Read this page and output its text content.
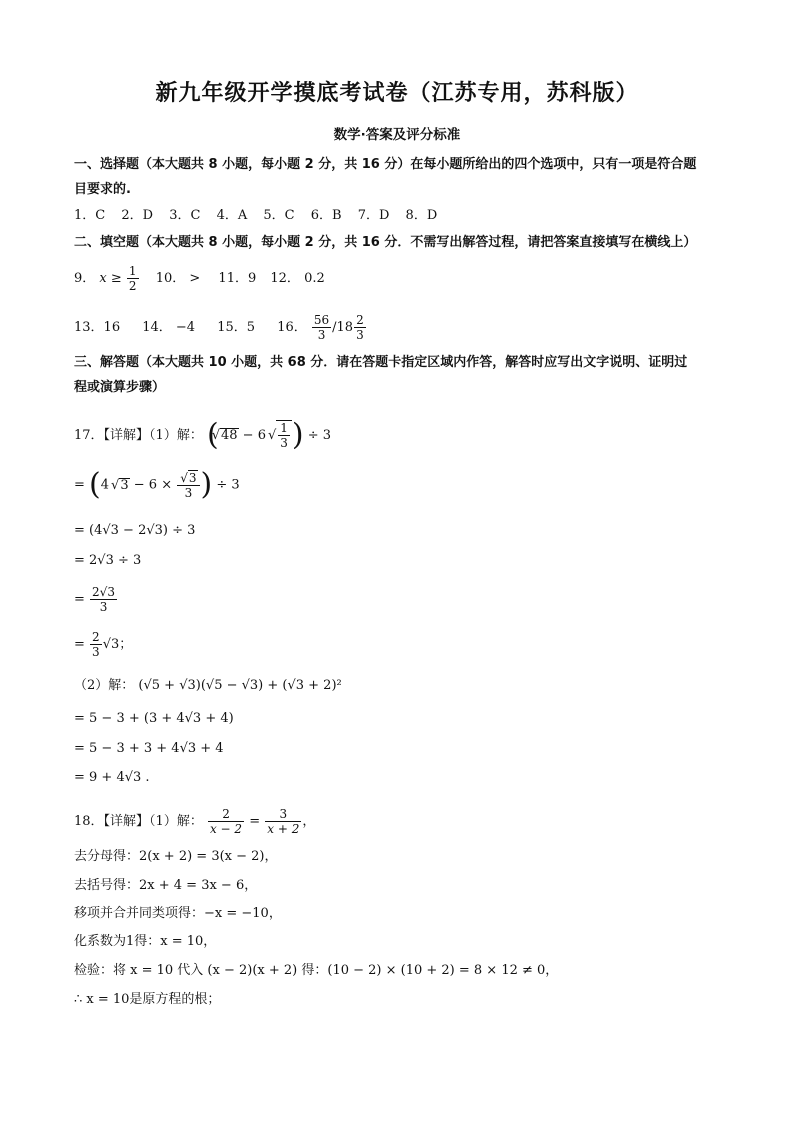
新九年级开学摸底考试卷（江苏专用，苏科版）
数学·答案及评分标准
一、选择题（本大题共 8 小题，每小题 2 分，共 16 分）在每小题所给出的四个选项中，只有一项是符合题
目要求的.
1．C 2．D 3．C 4．A 5．C 6．B 7．D 8．D
二、填空题（本大题共 8 小题，每小题 2 分，共 16 分．不需写出解答过程，请把答案直接填写在横线上）
9． $x \ge \frac{1}{2} 10$． > 11．9 12． 0.2
13．16 14． −4 15．5 16． $\frac{56}{3} /18 \frac{2}{3}$
三、解答题（本大题共 10 小题，共 68 分．请在答题卡指定区域内作答，解答时应写出文字说明、证明过
程或演算步骤）
17．【详解】（1）解： ( √ 48 − 6 √ $\frac{1}{3}$ ) ÷ 3
= (4 √ 3 − 6 × √ $\frac{3}{3}$ ) ÷ 3
= (4√3 − 2√3) ÷ 3
= 2√3 ÷ 3
= $\frac{2√3}{3}$
= $\frac{2}{3} √3$；
（2）解： (√5 + √3)(√5 − √3) + (√3 + 2)²
= 5 − 3 + (3 + 4√3 + 4)
= 5 − 3 + 3 + 4√3 + 4
= 9 + 4√3 .
18．【详解】（1）解： $\frac{2}{x - 2} = \frac{3}{x + 2}$ ，
去分母得：2(x + 2) = 3(x − 2)，
去括号得：2x + 4 = 3x − 6，
移项并合并同类项得：−x = −10，
化系数为1得：x = 10，
检验：将 x = 10 代入 (x − 2)(x + 2) 得：(10 − 2) × (10 + 2) = 8 × 12 ≠ 0，
∴ x = 10是原方程的根；
